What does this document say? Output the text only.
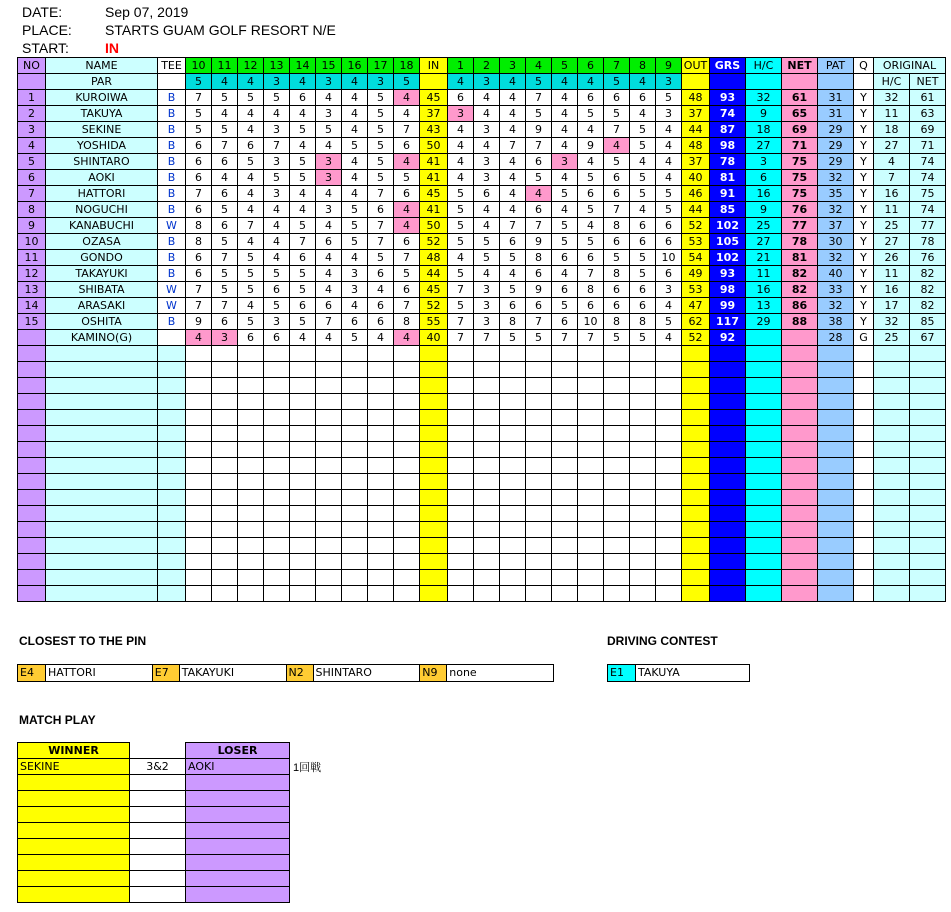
DATE:	Sep 07, 2019
PLACE: STARTS GUAM GOLF RESORT N/E
START:	IN
NO	NAME	TEE	10	11	12	13	14	15	16	17	18	IN	1	2	3	4	5	6	7	8	9	OUT	GRS	H/C	NET	PAT	Q	ORIGINAL	
	PAR		5	4	4	3	4	3	4	3	5		4	3	4	5	4	4	5	4	3							H/C	NET
1	KUROIWA	B	7	5	5	5	6	4	4	5	4	45	6	4	4	7	4	6	6	6	5	48	93	32	61	31	Y	32	61
2	TAKUYA	B	5	4	4	4	4	3	4	5	4	37	3	4	4	5	4	5	5	4	3	37	74	9	65	31	Y	11	63
3	SEKINE	B	5	5	4	3	5	5	4	5	7	43	4	3	4	9	4	4	7	5	4	44	87	18	69	29	Y	18	69
4	YOSHIDA	B	6	7	6	7	4	4	5	5	6	50	4	4	7	7	4	9	4	5	4	48	98	27	71	29	Y	27	71
5	SHINTARO	B	6	6	5	3	5	3	4	5	4	41	4	3	4	6	3	4	5	4	4	37	78	3	75	29	Y	4	74
6	AOKI	B	6	4	4	5	5	3	4	5	5	41	4	3	4	5	4	5	6	5	4	40	81	6	75	32	Y	7	74
7	HATTORI	B	7	6	4	3	4	4	4	7	6	45	5	6	4	4	5	6	6	5	5	46	91	16	75	35	Y	16	75
8	NOGUCHI	B	6	5	4	4	4	3	5	6	4	41	5	4	4	6	4	5	7	4	5	44	85	9	76	32	Y	11	74
9	KANABUCHI	W	8	6	7	4	5	4	5	7	4	50	5	4	7	7	5	4	8	6	6	52	102	25	77	37	Y	25	77
10	OZASA	B	8	5	4	4	7	6	5	7	6	52	5	5	6	9	5	5	6	6	6	53	105	27	78	30	Y	27	78
11	GONDO	B	6	7	5	4	6	4	4	5	7	48	4	5	5	8	6	6	5	5	10	54	102	21	81	32	Y	26	76
12	TAKAYUKI	B	6	5	5	5	5	4	3	6	5	44	5	4	4	6	4	7	8	5	6	49	93	11	82	40	Y	11	82
13	SHIBATA	W	7	5	5	6	5	4	3	4	6	45	7	3	5	9	6	8	6	6	3	53	98	16	82	33	Y	16	82
14	ARASAKI	W	7	7	4	5	6	6	4	6	7	52	5	3	6	6	5	6	6	6	4	47	99	13	86	32	Y	17	82
15	OSHITA	B	9	6	5	3	5	7	6	6	8	55	7	3	8	7	6	10	8	8	5	62	117	29	88	38	Y	32	85
	KAMINO(G)		4	3	6	6	4	4	5	4	4	40	7	7	5	5	7	7	5	5	4	52	92			28	G	25	67

CLOSEST TO THE PIN	DRIVING CONTEST
E4	HATTORI	E7	TAKAYUKI	N2	SHINTARO	N9	none	E1	TAKUYA
MATCH PLAY
WINNER		LOSER
SEKINE	3&2	AOKI

			1回戦
